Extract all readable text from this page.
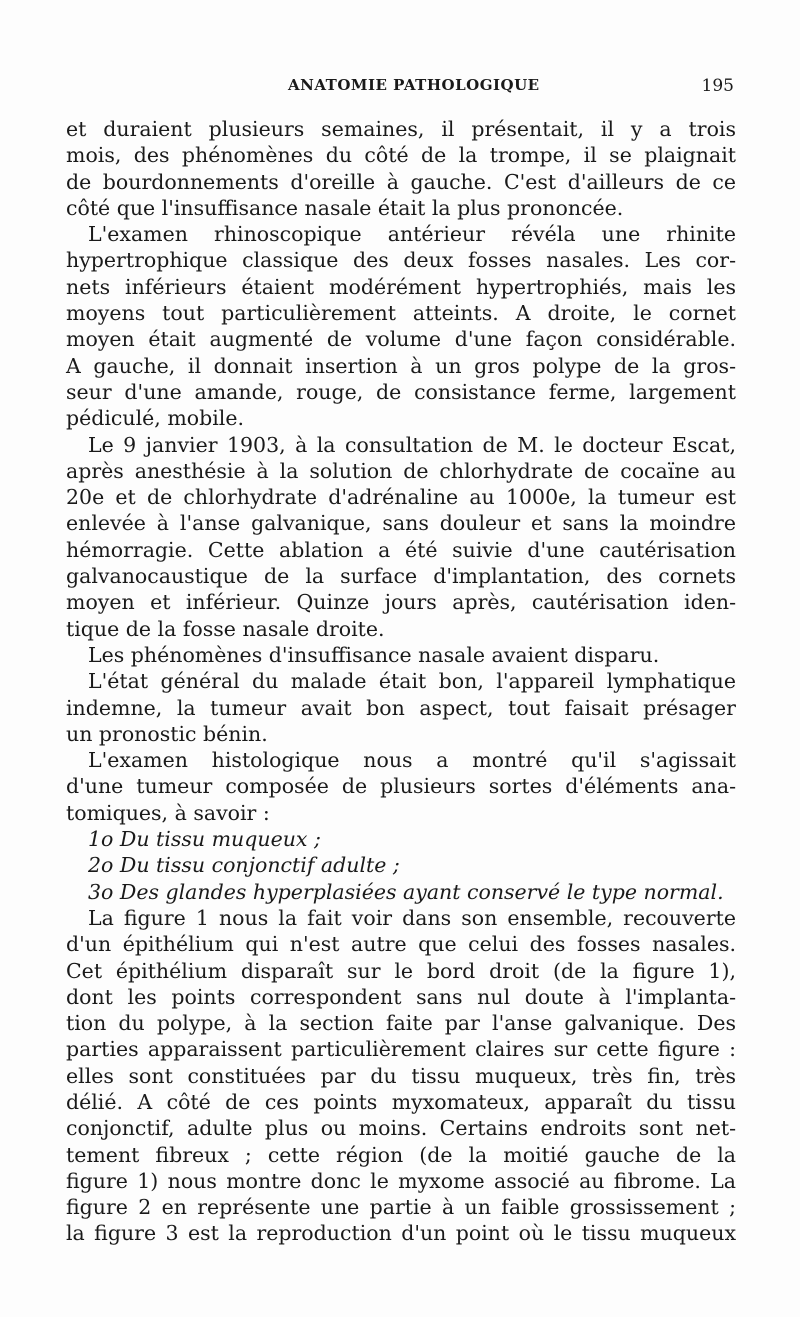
ANATOMIE PATHOLOGIQUE	195
et duraient plusieurs semaines, il présentait, il y a trois
mois, des phénomènes du côté de la trompe, il se plaignait
de bourdonnements d'oreille à gauche. C'est d'ailleurs de ce
côté que l'insuffisance nasale était la plus prononcée.
L'examen rhinoscopique antérieur révéla une rhinite
hypertrophique classique des deux fosses nasales. Les cor-
nets inférieurs étaient modérément hypertrophiés, mais les
moyens tout particulièrement atteints. A droite, le cornet
moyen était augmenté de volume d'une façon considérable.
A gauche, il donnait insertion à un gros polype de la gros-
seur d'une amande, rouge, de consistance ferme, largement
pédiculé, mobile.
Le 9 janvier 1903, à la consultation de M. le docteur Escat,
après anesthésie à la solution de chlorhydrate de cocaïne au
20e et de chlorhydrate d'adrénaline au 1000e, la tumeur est
enlevée à l'anse galvanique, sans douleur et sans la moindre
hémorragie. Cette ablation a été suivie d'une cautérisation
galvanocaustique de la surface d'implantation, des cornets
moyen et inférieur. Quinze jours après, cautérisation iden-
tique de la fosse nasale droite.
Les phénomènes d'insuffisance nasale avaient disparu.
L'état général du malade était bon, l'appareil lymphatique
indemne, la tumeur avait bon aspect, tout faisait présager
un pronostic bénin.
L'examen histologique nous a montré qu'il s'agissait
d'une tumeur composée de plusieurs sortes d'éléments ana-
tomiques, à savoir :
1o Du tissu muqueux ;
2o Du tissu conjonctif adulte ;
3o Des glandes hyperplasiées ayant conservé le type normal.
La figure 1 nous la fait voir dans son ensemble, recouverte
d'un épithélium qui n'est autre que celui des fosses nasales.
Cet épithélium disparaît sur le bord droit (de la figure 1),
dont les points correspondent sans nul doute à l'implanta-
tion du polype, à la section faite par l'anse galvanique. Des
parties apparaissent particulièrement claires sur cette figure :
elles sont constituées par du tissu muqueux, très fin, très
délié. A côté de ces points myxomateux, apparaît du tissu
conjonctif, adulte plus ou moins. Certains endroits sont net-
tement fibreux ; cette région (de la moitié gauche de la
figure 1) nous montre donc le myxome associé au fibrome. La
figure 2 en représente une partie à un faible grossissement ;
la figure 3 est la reproduction d'un point où le tissu muqueux
